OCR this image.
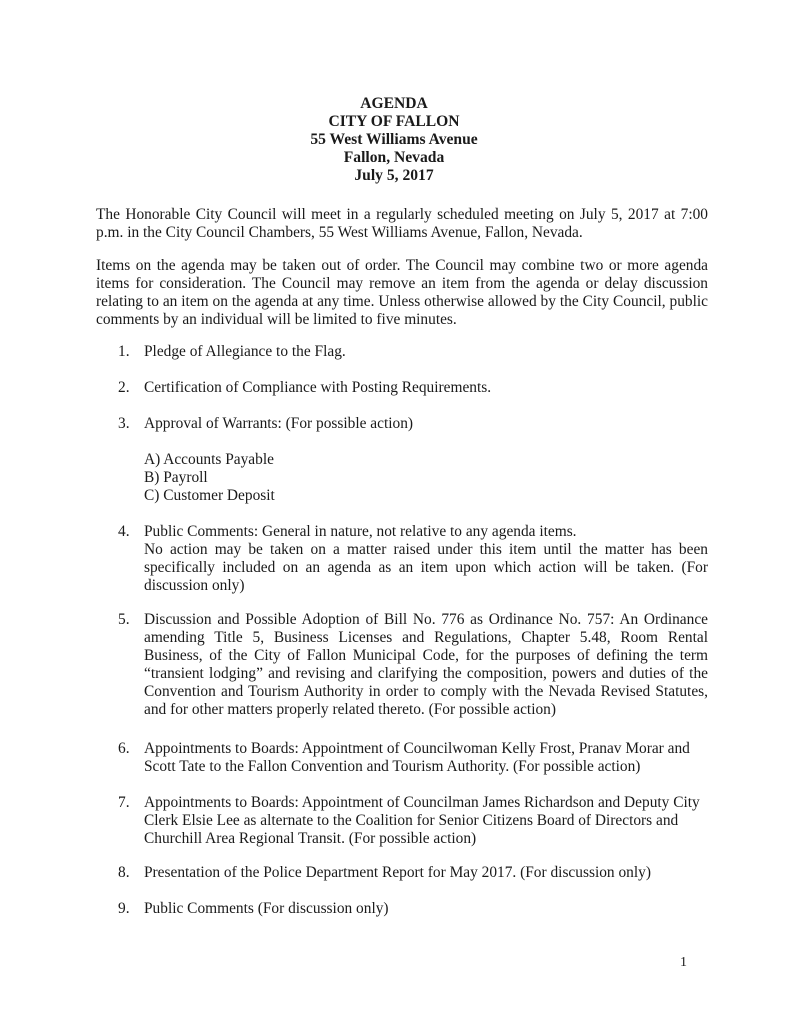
AGENDA
CITY OF FALLON
55 West Williams Avenue
Fallon, Nevada
July 5, 2017
The Honorable City Council will meet in a regularly scheduled meeting on July 5, 2017 at 7:00 p.m. in the City Council Chambers, 55 West Williams Avenue, Fallon, Nevada.
Items on the agenda may be taken out of order. The Council may combine two or more agenda items for consideration. The Council may remove an item from the agenda or delay discussion relating to an item on the agenda at any time. Unless otherwise allowed by the City Council, public comments by an individual will be limited to five minutes.
1. Pledge of Allegiance to the Flag.
2. Certification of Compliance with Posting Requirements.
3. Approval of Warrants: (For possible action)
A) Accounts Payable
B) Payroll
C) Customer Deposit
4. Public Comments: General in nature, not relative to any agenda items.
No action may be taken on a matter raised under this item until the matter has been specifically included on an agenda as an item upon which action will be taken. (For discussion only)
5. Discussion and Possible Adoption of Bill No. 776 as Ordinance No. 757: An Ordinance amending Title 5, Business Licenses and Regulations, Chapter 5.48, Room Rental Business, of the City of Fallon Municipal Code, for the purposes of defining the term “transient lodging” and revising and clarifying the composition, powers and duties of the Convention and Tourism Authority in order to comply with the Nevada Revised Statutes, and for other matters properly related thereto. (For possible action)
6. Appointments to Boards: Appointment of Councilwoman Kelly Frost, Pranav Morar and Scott Tate to the Fallon Convention and Tourism Authority. (For possible action)
7. Appointments to Boards: Appointment of Councilman James Richardson and Deputy City Clerk Elsie Lee as alternate to the Coalition for Senior Citizens Board of Directors and Churchill Area Regional Transit. (For possible action)
8. Presentation of the Police Department Report for May 2017. (For discussion only)
9. Public Comments (For discussion only)
1
